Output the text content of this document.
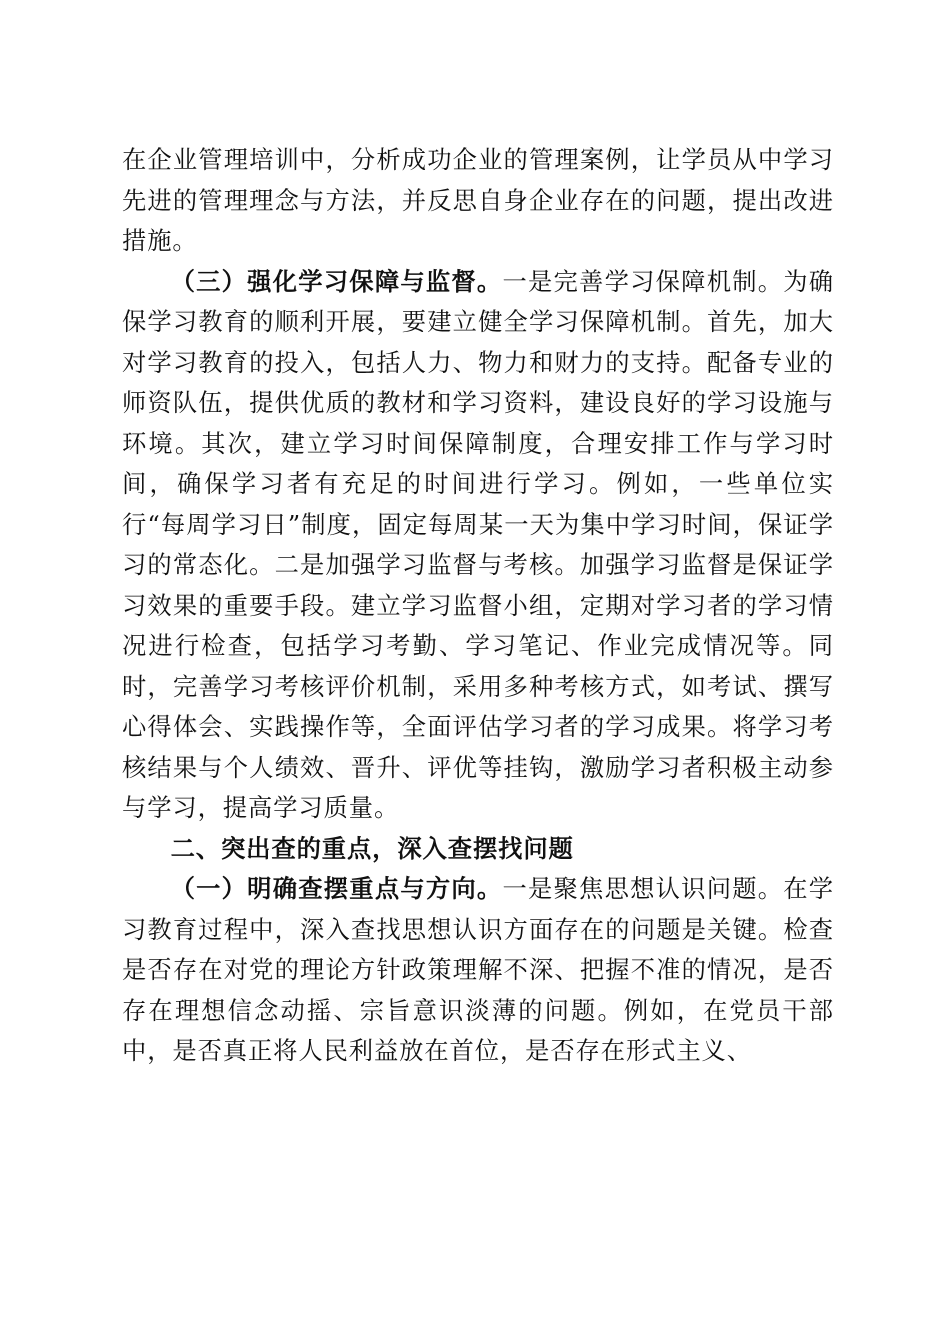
在企业管理培训中，分析成功企业的管理案例，让学员从中学习先进的管理理念与方法，并反思自身企业存在的问题，提出改进措施。

（三）强化学习保障与监督。一是完善学习保障机制。为确保学习教育的顺利开展，要建立健全学习保障机制。首先，加大对学习教育的投入，包括人力、物力和财力的支持。配备专业的师资队伍，提供优质的教材和学习资料，建设良好的学习设施与环境。其次，建立学习时间保障制度，合理安排工作与学习时间，确保学习者有充足的时间进行学习。例如，一些单位实行“每周学习日”制度，固定每周某一天为集中学习时间，保证学习的常态化。二是加强学习监督与考核。加强学习监督是保证学习效果的重要手段。建立学习监督小组，定期对学习者的学习情况进行检查，包括学习考勤、学习笔记、作业完成情况等。同时，完善学习考核评价机制，采用多种考核方式，如考试、撰写心得体会、实践操作等，全面评估学习者的学习成果。将学习考核结果与个人绩效、晋升、评优等挂钩，激励学习者积极主动参与学习，提高学习质量。

二、突出查的重点，深入查摆找问题

（一）明确查摆重点与方向。一是聚焦思想认识问题。在学习教育过程中，深入查找思想认识方面存在的问题是关键。检查是否存在对党的理论方针政策理解不深、把握不准的情况，是否存在理想信念动摇、宗旨意识淡薄的问题。例如，在党员干部中，是否真正将人民利益放在首位，是否存在形式主义、
